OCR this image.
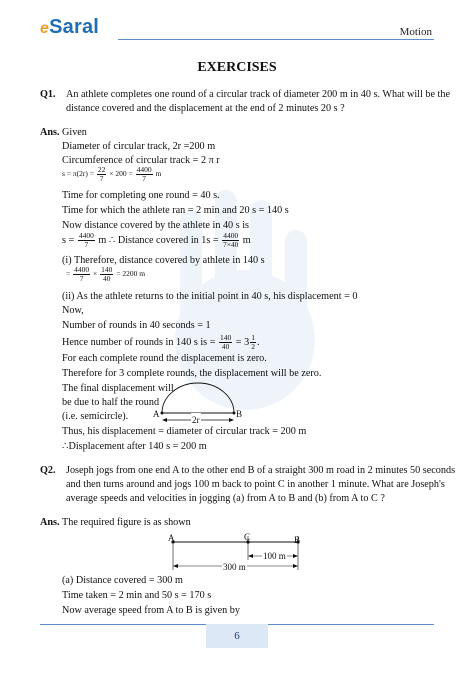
eSaral	Motion
EXERCISES
Q1. An athlete completes one round of a circular track of diameter 200 m in 40 s. What will be the
distance covered and the displacement at the end of 2 minutes 20 s ?
Ans. Given
Diameter of circular track, 2r =200 m
Circumference of circular track = 2 π r
$s = \pi(2r) = \frac{22}{7} \times 200 = \frac{4400}{7}$ m
Time for completing one round = 40 s.
Time for which the athlete ran = 2 min and 20 s = 140 s
Now distance covered by the athlete in 40 s is
$s = \frac{4400}{7}$ m ∴ Distance covered in $1s = \frac{4400}{7\times 40}$ m
(i) Therefore, distance covered by athlete in 140 s
= $\frac{4400}{7} \times \frac{140}{40} = 2200$ m
(ii) As the athlete returns to the initial point in 40 s, his displacement = 0
Now,
Number of rounds in 40 seconds = 1
Hence number of rounds in 140 s is = $\frac{140}{40} = 3 \frac{1}{2}$ .
For each complete round the displacement is zero.
Therefore for 3 complete rounds, the displacement will be zero.
The final displacement will
be due to half the round
(i.e. semicircle).	A	B
2r
Thus, his displacement = diameter of circular track = 200 m
∴Displacement after 140 s = 200 m
Q2. Joseph jogs from one end A to the other end B of a straight 300 m road in 2 minutes 50 seconds
and then turns around and jogs 100 m back to point C in another 1 minute. What are Joseph's
average speeds and velocities in jogging (a) from A to B and (b) from A to C ?
Ans. The required figure is as shown
A	C	B
100 m
300 m
(a) Distance covered = 300 m
Time taken = 2 min and 50 s = 170 s
Now average speed from A to B is given by
6
